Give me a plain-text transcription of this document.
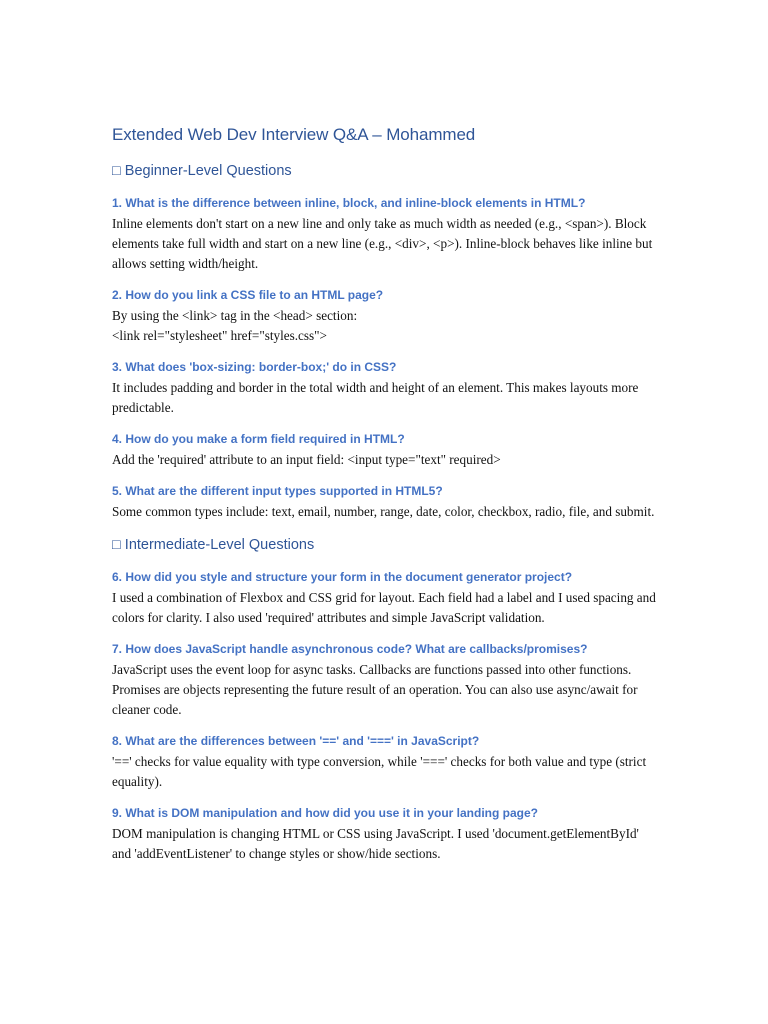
Extended Web Dev Interview Q&A – Mohammed
□ Beginner-Level Questions
1. What is the difference between inline, block, and inline-block elements in HTML?
Inline elements don't start on a new line and only take as much width as needed (e.g., <span>). Block elements take full width and start on a new line (e.g., <div>, <p>). Inline-block behaves like inline but allows setting width/height.
2. How do you link a CSS file to an HTML page?
By using the <link> tag in the <head> section:
<link rel="stylesheet" href="styles.css">
3. What does 'box-sizing: border-box;' do in CSS?
It includes padding and border in the total width and height of an element. This makes layouts more predictable.
4. How do you make a form field required in HTML?
Add the 'required' attribute to an input field: <input type="text" required>
5. What are the different input types supported in HTML5?
Some common types include: text, email, number, range, date, color, checkbox, radio, file, and submit.
□ Intermediate-Level Questions
6. How did you style and structure your form in the document generator project?
I used a combination of Flexbox and CSS grid for layout. Each field had a label and I used spacing and colors for clarity. I also used 'required' attributes and simple JavaScript validation.
7. How does JavaScript handle asynchronous code? What are callbacks/promises?
JavaScript uses the event loop for async tasks. Callbacks are functions passed into other functions. Promises are objects representing the future result of an operation. You can also use async/await for cleaner code.
8. What are the differences between '==' and '===' in JavaScript?
'==' checks for value equality with type conversion, while '===' checks for both value and type (strict equality).
9. What is DOM manipulation and how did you use it in your landing page?
DOM manipulation is changing HTML or CSS using JavaScript. I used 'document.getElementById' and 'addEventListener' to change styles or show/hide sections.
